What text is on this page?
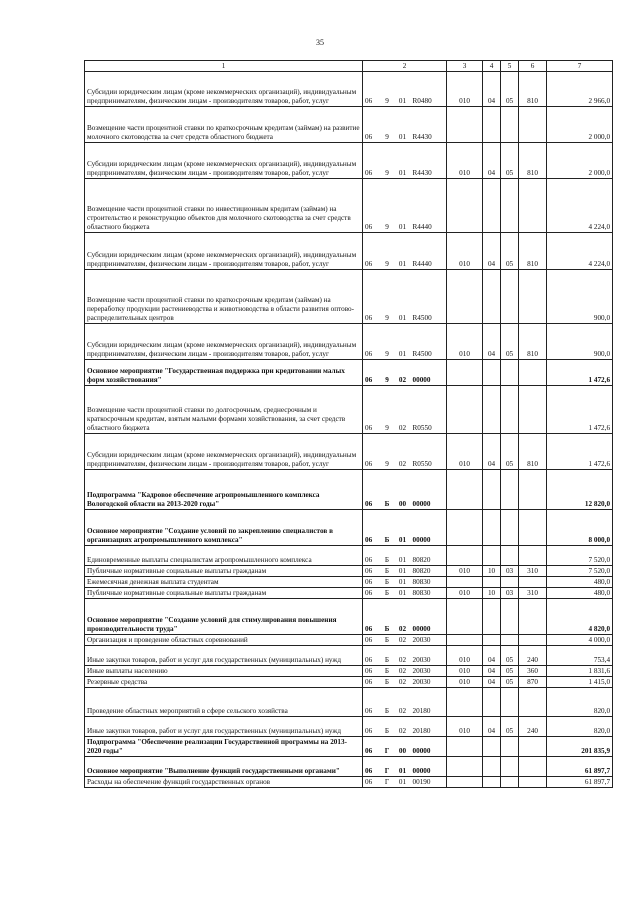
35
1	2				3	4	5	6	7
Субсидии юридическим лицам (кроме некоммерческих организаций), индивидуальным предпринимателям, физическим лицам - производителям товаров, работ, услуг	06	9	01	R0480	010	04	05	810	2 966,0
Возмещение части процентной ставки по краткосрочным кредитам (займам) на развитие молочного скотоводства за счет средств областного бюджета	06	9	01	R4430					2 000,0
Субсидии юридическим лицам (кроме некоммерческих организаций), индивидуальным предпринимателям, физическим лицам - производителям товаров, работ, услуг	06	9	01	R4430	010	04	05	810	2 000,0
Возмещение части процентной ставки по инвестиционным кредитам (займам) на строительство и реконструкцию объектов для молочного скотоводства за счет средств областного бюджета	06	9	01	R4440					4 224,0
Субсидии юридическим лицам (кроме некоммерческих организаций), индивидуальным предпринимателям, физическим лицам - производителям товаров, работ, услуг	06	9	01	R4440	010	04	05	810	4 224,0
Возмещение части процентной ставки по краткосрочным кредитам (займам) на переработку продукции растениеводства и животноводства в области развития оптово-распределительных центров	06	9	01	R4500					900,0
Субсидии юридическим лицам (кроме некоммерческих организаций), индивидуальным предпринимателям, физическим лицам - производителям товаров, работ, услуг	06	9	01	R4500	010	04	05	810	900,0
Основное мероприятие "Государственная поддержка при кредитовании малых форм хозяйствования"	06	9	02	00000					1 472,6
Возмещение части процентной ставки по долгосрочным, среднесрочным и краткосрочным кредитам, взятым малыми формами хозяйствования, за счет средств областного бюджета	06	9	02	R0550					1 472,6
Субсидии юридическим лицам (кроме некоммерческих организаций), индивидуальным предпринимателям, физическим лицам - производителям товаров, работ, услуг	06	9	02	R0550	010	04	05	810	1 472,6
Подпрограмма "Кадровое обеспечение агропромышленного комплекса Вологодской области на 2013-2020 годы"	06	Б	00	00000					12 820,0
Основное мероприятие "Создание условий по закреплению специалистов в организациях агропромышленного комплекса"	06	Б	01	00000					8 000,0
Единовременные выплаты специалистам агропромышленного комплекса	06	Б	01	80820					7 520,0
Публичные нормативные социальные выплаты гражданам	06	Б	01	80820	010	10	03	310	7 520,0
Ежемесячная денежная выплата студентам	06	Б	01	80830					480,0
Публичные нормативные социальные выплаты гражданам	06	Б	01	80830	010	10	03	310	480,0
Основное мероприятие "Создание условий для стимулирования повышения производительности труда"	06	Б	02	00000					4 820,0
Организация и проведение областных соревнований	06	Б	02	20030					4 000,0
Иные закупки товаров, работ и услуг для государственных (муниципальных) нужд	06	Б	02	20030	010	04	05	240	753,4
Иные выплаты населению	06	Б	02	20030	010	04	05	360	1 831,6
Резервные средства	06	Б	02	20030	010	04	05	870	1 415,0
Проведение областных мероприятий в сфере сельского хозяйства	06	Б	02	20180					820,0
Иные закупки товаров, работ и услуг для государственных (муниципальных) нужд	06	Б	02	20180	010	04	05	240	820,0
Подпрограмма "Обеспечение реализации Государственной программы на 2013-2020 годы"	06	Г	00	00000					201 835,9
Основное мероприятие "Выполнение функций государственными органами"	06	Г	01	00000					61 897,7
Расходы на обеспечение функций государственных органов	06	Г	01	00190					61 897,7
